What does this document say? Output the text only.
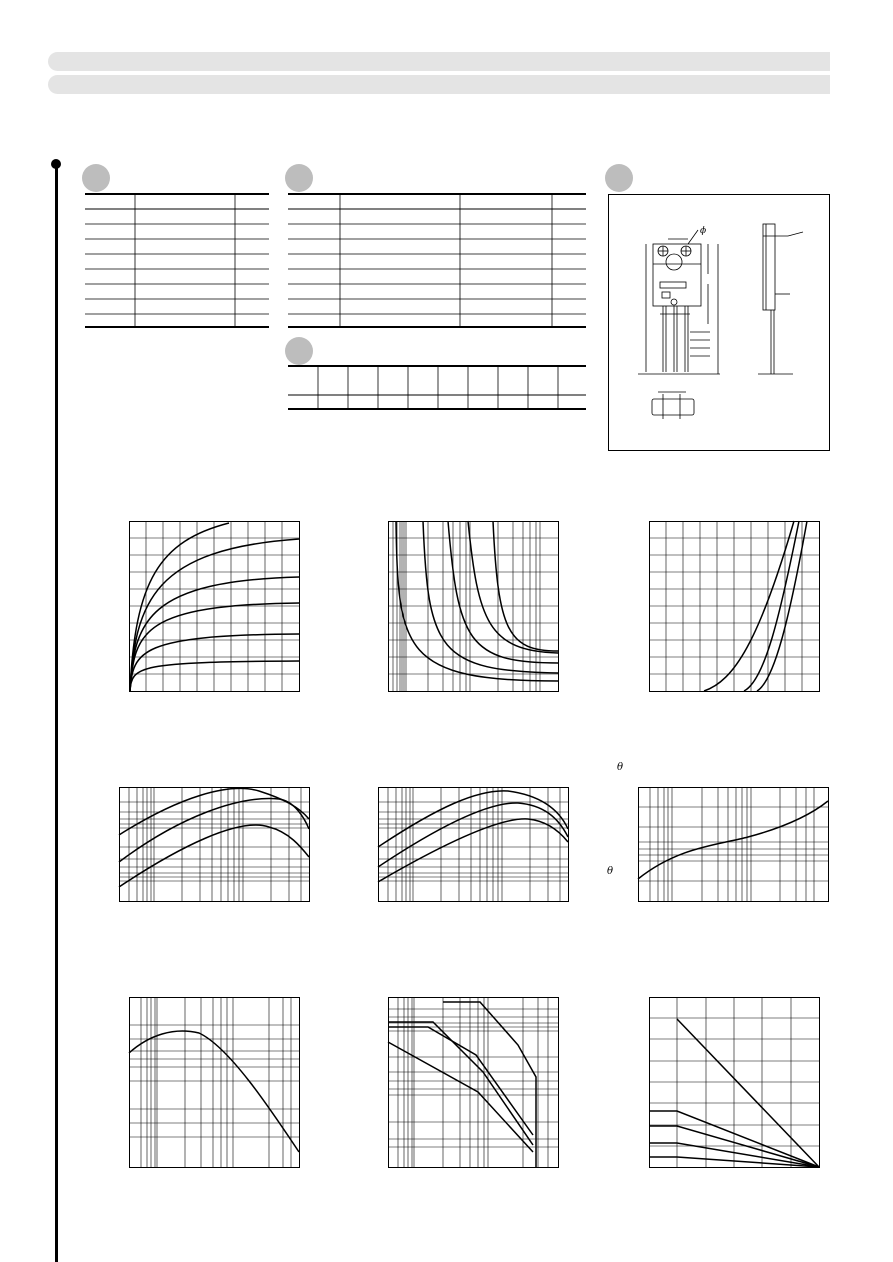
ϕ
θ
θ
